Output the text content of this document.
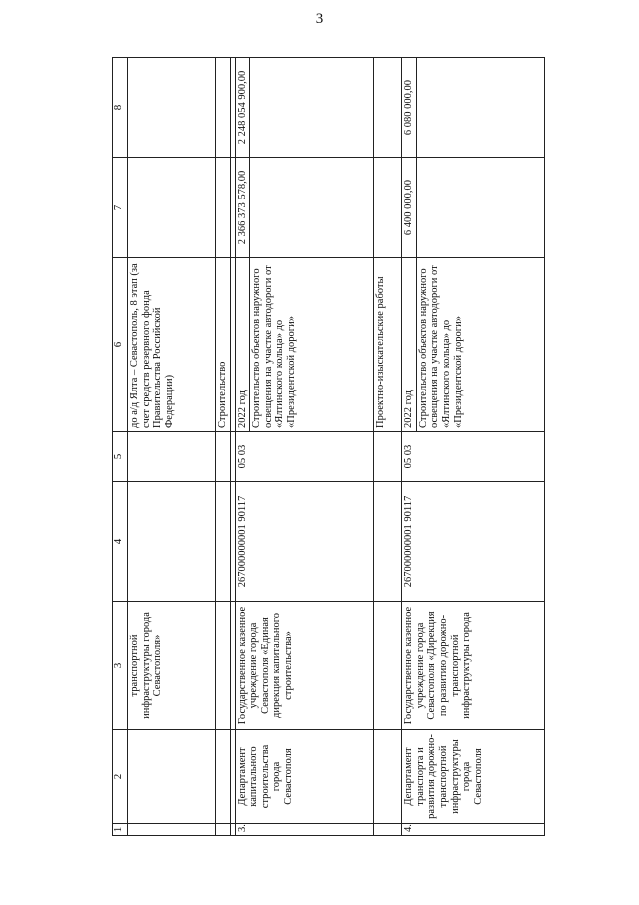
3
1	2	3	4	5	6	7	8
		транспортной инфраструктуры города Севастополя»			до а/д Ялта – Севастополь, 8 этап (за счет средств резервного фонда Правительства Российской Федерации)		
					Строительство		

3.	Департамент капитального строительства города Севастополя	Государственное казенное учреждение города Севастополя «Единая дирекция капитального строительства»	267000000001 90117	05 03	2022 год	2 366 373 578,00	2 248 054 900,00
					Строительство объектов наружного освещения на участке автодороги от «Ялтинского кольца» до «Президентской дороги»		
					Проектно-изыскательские работы		
4.	Департамент транспорта и развития дорожно-транспортной инфраструктуры города Севастополя	Государственное казенное учреждение города Севастополя «Дирекция по развитию дорожно-транспортной инфраструктуры города	267000000001 90117	05 03	2022 год	6 400 000,00	6 080 000,00
					Строительство объектов наружного освещения на участке автодороги от «Ялтинского кольца» до «Президентской дороги»		
